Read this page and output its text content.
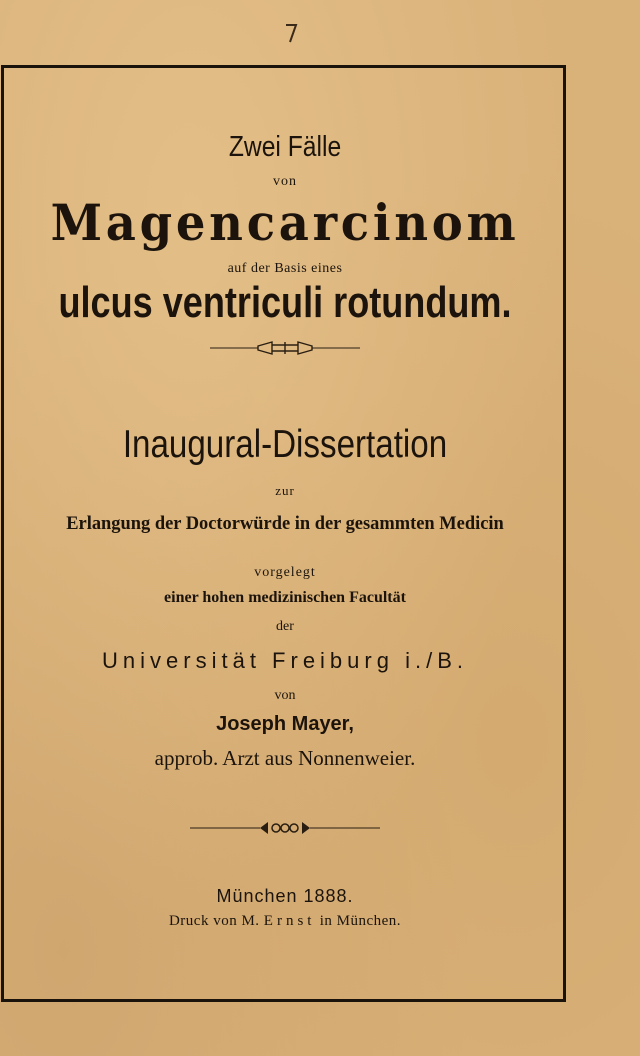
Zwei Fälle
von
Magencarcinom
auf der Basis eines
ulcus ventriculi rotundum.
Inaugural-Dissertation
zur
Erlangung der Doctorwürde in der gesammten Medicin
vorgelegt
einer hohen medizinischen Facultät
der
Universität Freiburg i./B.
von
Joseph Mayer,
approb. Arzt aus Nonnenweier.
München 1888.
Druck von M. Ernst in München.
